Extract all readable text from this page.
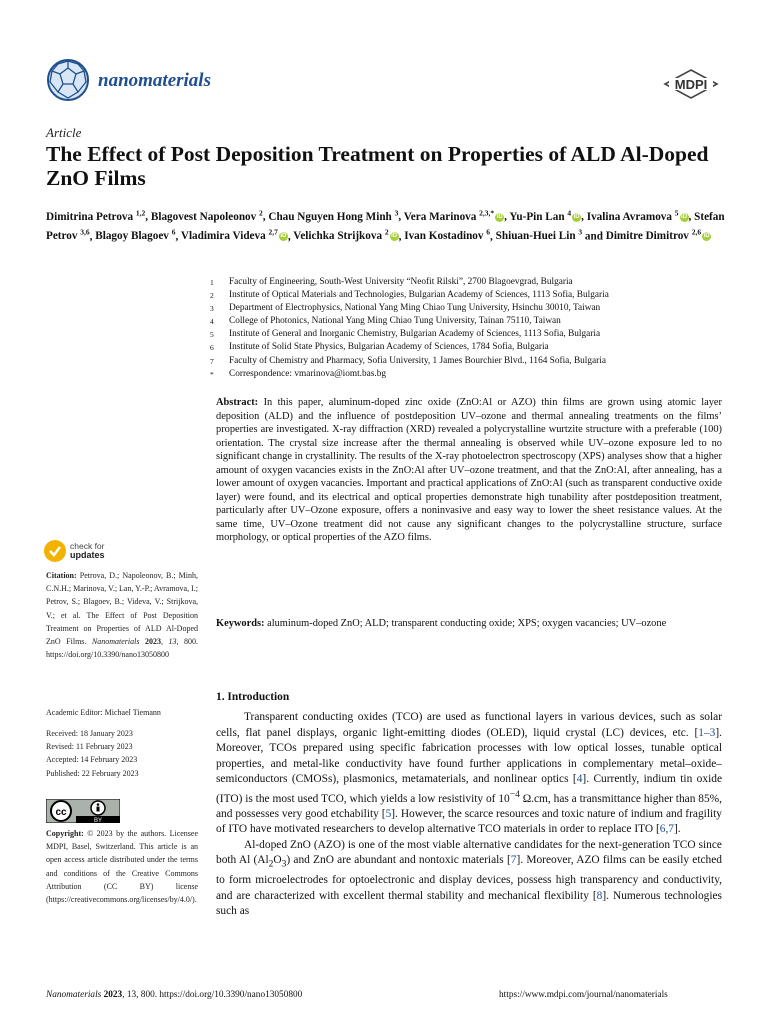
nanomaterials	MDPI
Article
The Effect of Post Deposition Treatment on Properties of ALD Al-Doped ZnO Films
Dimitrina Petrova $^{1,2}$, Blagovest Napoleonov $^2$, Chau Nguyen Hong Minh $^3$, Vera Marinova $^{2,3,*}$ iD , Yu-Pin Lan $^4$ iD , Ivalina Avramova $^5$ iD , Stefan Petrov $^{3,6}$, Blagoy Blagoev $^6$, Vladimira Videva $^{2,7}$ iD , Velichka Strijkova $^2$ iD , Ivan Kostadinov $^6$, Shiuan-Huei Lin $^3$ and Dimitre Dimitrov $^{2,6}$ iD
1	Faculty of Engineering, South-West University “Neofit Rilski”, 2700 Blagoevgrad, Bulgaria
2	Institute of Optical Materials and Technologies, Bulgarian Academy of Sciences, 1113 Sofia, Bulgaria
3	Department of Electrophysics, National Yang Ming Chiao Tung University, Hsinchu 30010, Taiwan
4	College of Photonics, National Yang Ming Chiao Tung University, Tainan 75110, Taiwan
5	Institute of General and Inorganic Chemistry, Bulgarian Academy of Sciences, 1113 Sofia, Bulgaria
6	Institute of Solid State Physics, Bulgarian Academy of Sciences, 1784 Sofia, Bulgaria
7	Faculty of Chemistry and Pharmacy, Sofia University, 1 James Bourchier Blvd., 1164 Sofia, Bulgaria
*	Correspondence: vmarinova@iomt.bas.bg
Abstract: In this paper, aluminum-doped zinc oxide (ZnO:Al or AZO) thin films are grown using atomic layer deposition (ALD) and the influence of postdeposition UV–ozone and thermal annealing treatments on the films’ properties are investigated. X-ray diffraction (XRD) revealed a polycrystalline wurtzite structure with a preferable (100) orientation. The crystal size increase after the thermal annealing is observed while UV–ozone exposure led to no significant change in crystallinity. The results of the X-ray photoelectron spectroscopy (XPS) analyses show that a higher amount of oxygen vacancies exists in the ZnO:Al after UV–ozone treatment, and that the ZnO:Al, after annealing, has a lower amount of oxygen vacancies. Important and practical applications of ZnO:Al (such as transparent conductive oxide layer) were found, and its electrical and optical properties demonstrate high tunability after postdeposition treatment, particularly after UV–Ozone exposure, offers a noninvasive and easy way to lower the sheet resistance values. At the same time, UV–Ozone treatment did not cause any significant changes to the polycrystalline structure, surface morphology, or optical properties of the AZO films.
Keywords: aluminum-doped ZnO; ALD; transparent conducting oxide; XPS; oxygen vacancies; UV–ozone
check for
updates
Citation: Petrova, D.; Napoleonov, B.; Minh, C.N.H.; Marinova, V.; Lan, Y.-P.; Avramova, I.; Petrov, S.; Blagoev, B.; Videva, V.; Strijkova, V.; et al. The Effect of Post Deposition Treatment on Properties of ALD Al-Doped ZnO Films. Nanomaterials 2023, 13, 800. https://doi.org/10.3390/nano13050800
Academic Editor: Michael Tiemann
Received: 18 January 2023
Revised: 11 February 2023
Accepted: 14 February 2023
Published: 22 February 2023
cc
BY
Copyright: © 2023 by the authors. Licensee MDPI, Basel, Switzerland. This article is an open access article distributed under the terms and conditions of the Creative Commons Attribution (CC BY) license (https://creativecommons.org/licenses/by/4.0/).
1. Introduction

Transparent conducting oxides (TCO) are used as functional layers in various devices, such as solar cells, flat panel displays, organic light-emitting diodes (OLED), liquid crystal (LC) devices, etc. [1–3]. Moreover, TCOs prepared using specific fabrication processes with low optical losses, tunable optical properties, and metal-like conductivity have found further applications in complementary metal–oxide–semiconductors (CMOSs), plasmonics, metamaterials, and nonlinear optics [4]. Currently, indium tin oxide (ITO) is the most used TCO, which yields a low resistivity of $10^{-4}$ Ω.cm, has a transmittance higher than 85%, and possesses very good etchability [5]. However, the scarce resources and toxic nature of indium and fragility of ITO have motivated researchers to develop alternative TCO materials in order to replace ITO [6,7].

Al-doped ZnO (AZO) is one of the most viable alternative candidates for the next-generation TCO since both Al $(Al_2O_3)$ and ZnO are abundant and nontoxic materials [7]. Moreover, AZO films can be easily etched to form microelectrodes for optoelectronic and display devices, possess high transparency and conductivity, and are characterized with excellent thermal stability and mechanical flexibility [8]. Numerous technologies such as

Nanomaterials 2023, 13, 800. https://doi.org/10.3390/nano13050800	https://www.mdpi.com/journal/nanomaterials
